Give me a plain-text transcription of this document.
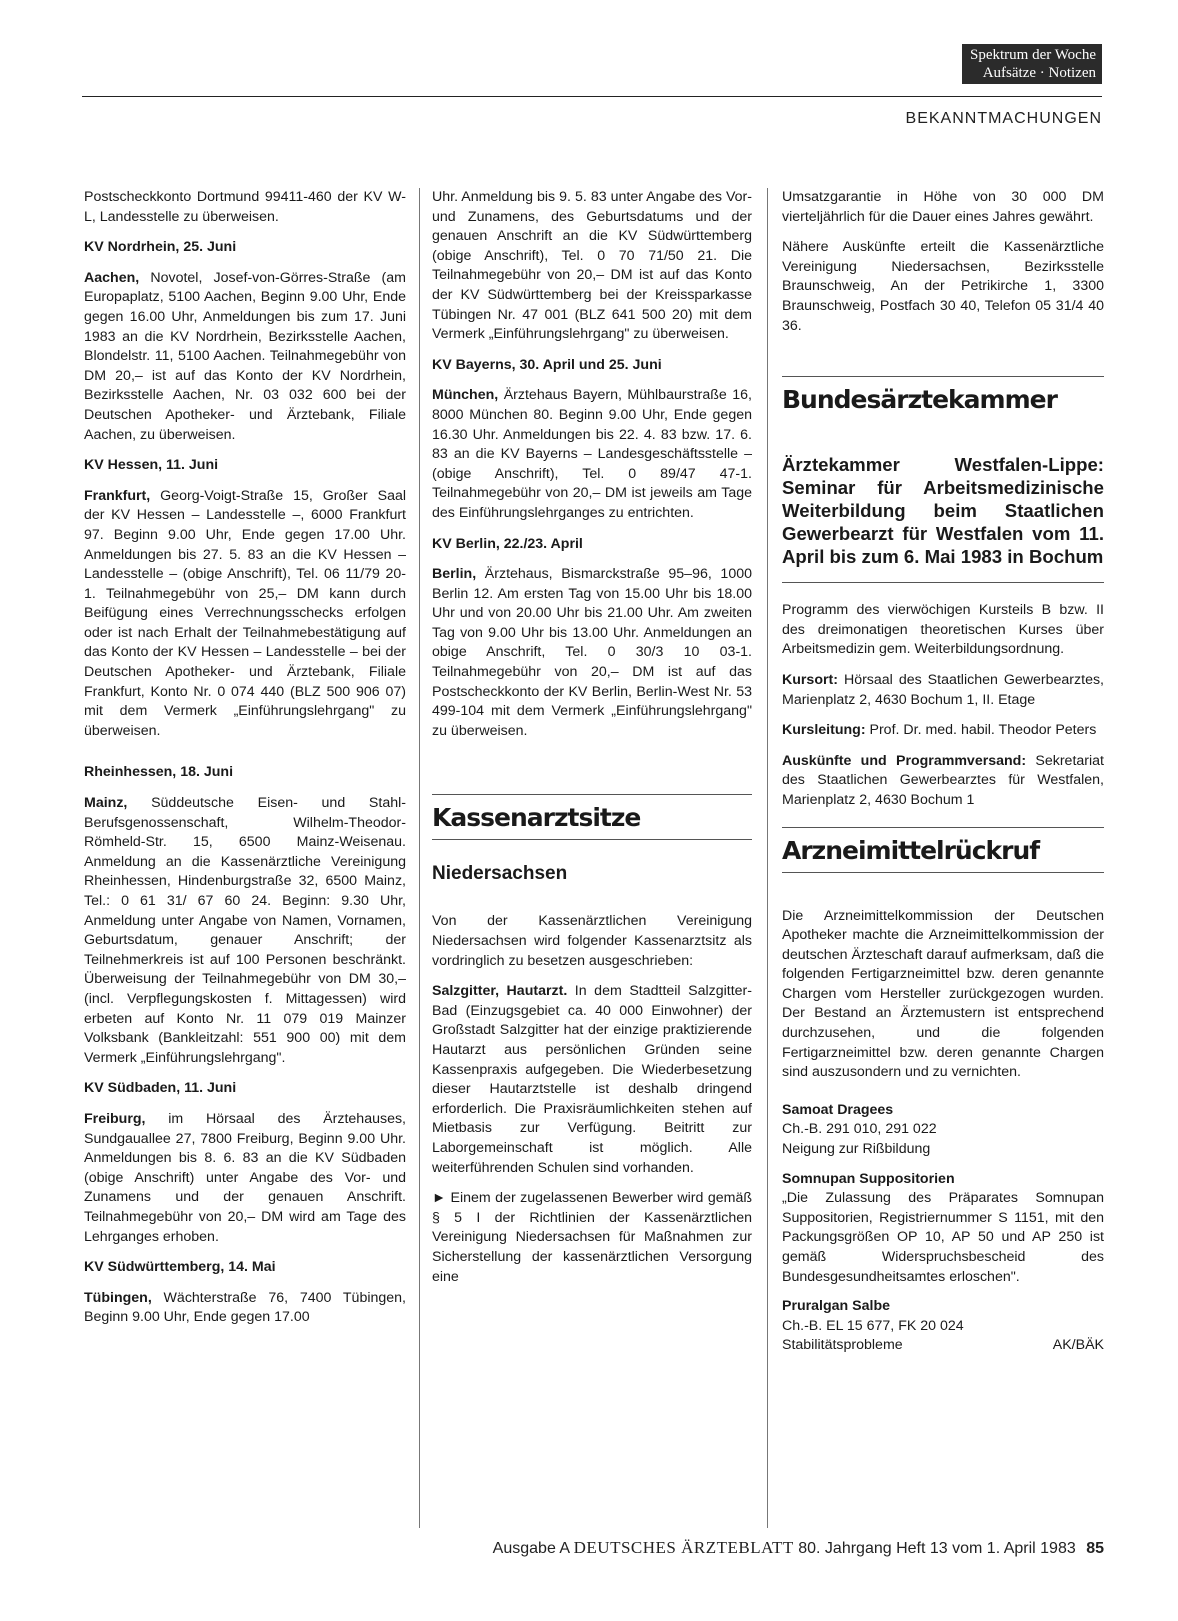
Spektrum der Woche
Aufsätze · Notizen
BEKANNTMACHUNGEN

Postscheckkonto Dortmund 99411-460 der KV W-L, Landesstelle zu überweisen.

KV Nordrhein, 25. Juni

Aachen, Novotel, Josef-von-Görres-Straße (am Europaplatz, 5100 Aachen, Beginn 9.00 Uhr, Ende gegen 16.00 Uhr, Anmeldungen bis zum 17. Juni 1983 an die KV Nordrhein, Bezirksstelle Aachen, Blondelstr. 11, 5100 Aachen. Teilnahmegebühr von DM 20,– ist auf das Konto der KV Nordrhein, Bezirksstelle Aachen, Nr. 03 032 600 bei der Deutschen Apotheker- und Ärztebank, Filiale Aachen, zu überweisen.

KV Hessen, 11. Juni

Frankfurt, Georg-Voigt-Straße 15, Großer Saal der KV Hessen – Landesstelle –, 6000 Frankfurt 97. Beginn 9.00 Uhr, Ende gegen 17.00 Uhr. Anmeldungen bis 27. 5. 83 an die KV Hessen – Landesstelle – (obige Anschrift), Tel. 06 11/79 20-1. Teilnahmegebühr von 25,– DM kann durch Beifügung eines Verrechnungsschecks erfolgen oder ist nach Erhalt der Teilnahmebestätigung auf das Konto der KV Hessen – Landesstelle – bei der Deutschen Apotheker- und Ärztebank, Filiale Frankfurt, Konto Nr. 0 074 440 (BLZ 500 906 07) mit dem Vermerk „Einführungslehrgang" zu überweisen.

Rheinhessen, 18. Juni

Mainz, Süddeutsche Eisen- und Stahl-Berufsgenossenschaft, Wilhelm-Theodor-Römheld-Str. 15, 6500 Mainz-Weisenau. Anmeldung an die Kassenärztliche Vereinigung Rheinhessen, Hindenburgstraße 32, 6500 Mainz, Tel.: 0 61 31/ 67 60 24. Beginn: 9.30 Uhr, Anmeldung unter Angabe von Namen, Vornamen, Geburtsdatum, genauer Anschrift; der Teilnehmerkreis ist auf 100 Personen beschränkt. Überweisung der Teilnahmegebühr von DM 30,– (incl. Verpflegungskosten f. Mittagessen) wird erbeten auf Konto Nr. 11 079 019 Mainzer Volksbank (Bankleitzahl: 551 900 00) mit dem Vermerk „Einführungslehrgang".

KV Südbaden, 11. Juni

Freiburg, im Hörsaal des Ärztehauses, Sundgauallee 27, 7800 Freiburg, Beginn 9.00 Uhr. Anmeldungen bis 8. 6. 83 an die KV Südbaden (obige Anschrift) unter Angabe des Vor- und Zunamens und der genauen Anschrift. Teilnahmegebühr von 20,– DM wird am Tage des Lehrganges erhoben.

KV Südwürttemberg, 14. Mai

Tübingen, Wächterstraße 76, 7400 Tübingen, Beginn 9.00 Uhr, Ende gegen 17.00

Uhr. Anmeldung bis 9. 5. 83 unter Angabe des Vor- und Zunamens, des Geburtsdatums und der genauen Anschrift an die KV Südwürttemberg (obige Anschrift), Tel. 0 70 71/50 21. Die Teilnahmegebühr von 20,– DM ist auf das Konto der KV Südwürttemberg bei der Kreissparkasse Tübingen Nr. 47 001 (BLZ 641 500 20) mit dem Vermerk „Einführungslehrgang" zu überweisen.

KV Bayerns, 30. April und 25. Juni

München, Ärztehaus Bayern, Mühlbaurstraße 16, 8000 München 80. Beginn 9.00 Uhr, Ende gegen 16.30 Uhr. Anmeldungen bis 22. 4. 83 bzw. 17. 6. 83 an die KV Bayerns – Landesgeschäftsstelle – (obige Anschrift), Tel. 0 89/47 47-1. Teilnahmegebühr von 20,– DM ist jeweils am Tage des Einführungslehrganges zu entrichten.

KV Berlin, 22./23. April

Berlin, Ärztehaus, Bismarckstraße 95–96, 1000 Berlin 12. Am ersten Tag von 15.00 Uhr bis 18.00 Uhr und von 20.00 Uhr bis 21.00 Uhr. Am zweiten Tag von 9.00 Uhr bis 13.00 Uhr. Anmeldungen an obige Anschrift, Tel. 0 30/3 10 03-1. Teilnahmegebühr von 20,– DM ist auf das Postscheckkonto der KV Berlin, Berlin-West Nr. 53 499-104 mit dem Vermerk „Einführungslehrgang" zu überweisen.

Kassenarztsitze
Niedersachsen

Von der Kassenärztlichen Vereinigung Niedersachsen wird folgender Kassenarztsitz als vordringlich zu besetzen ausgeschrieben:

Salzgitter, Hautarzt. In dem Stadtteil Salzgitter-Bad (Einzugsgebiet ca. 40 000 Einwohner) der Großstadt Salzgitter hat der einzige praktizierende Hautarzt aus persönlichen Gründen seine Kassenpraxis aufgegeben. Die Wiederbesetzung dieser Hautarztstelle ist deshalb dringend erforderlich. Die Praxisräumlichkeiten stehen auf Mietbasis zur Verfügung. Beitritt zur Laborgemeinschaft ist möglich. Alle weiterführenden Schulen sind vorhanden.

► Einem der zugelassenen Bewerber wird gemäß § 5 I der Richtlinien der Kassenärztlichen Vereinigung Niedersachsen für Maßnahmen zur Sicherstellung der kassenärztlichen Versorgung eine

Umsatzgarantie in Höhe von 30 000 DM vierteljährlich für die Dauer eines Jahres gewährt.

Nähere Auskünfte erteilt die Kassenärztliche Vereinigung Niedersachsen, Bezirksstelle Braunschweig, An der Petrikirche 1, 3300 Braunschweig, Postfach 30 40, Telefon 05 31/4 40 36.

Bundesärztekammer
Ärztekammer Westfalen-Lippe: Seminar für Arbeitsmedizinische Weiterbildung beim Staatlichen Gewerbearzt für Westfalen vom 11. April bis zum 6. Mai 1983 in Bochum

Programm des vierwöchigen Kursteils B bzw. II des dreimonatigen theoretischen Kurses über Arbeitsmedizin gem. Weiterbildungsordnung.

Kursort: Hörsaal des Staatlichen Gewerbearztes, Marienplatz 2, 4630 Bochum 1, II. Etage

Kursleitung: Prof. Dr. med. habil. Theodor Peters

Auskünfte und Programmversand: Sekretariat des Staatlichen Gewerbearztes für Westfalen, Marienplatz 2, 4630 Bochum 1

Arzneimittelrückruf

Die Arzneimittelkommission der Deutschen Apotheker machte die Arzneimittelkommission der deutschen Ärzteschaft darauf aufmerksam, daß die folgenden Fertigarzneimittel bzw. deren genannte Chargen vom Hersteller zurückgezogen wurden. Der Bestand an Ärztemustern ist entsprechend durchzusehen, und die folgenden Fertigarzneimittel bzw. deren genannte Chargen sind auszusondern und zu vernichten.

Samoat Dragees

Ch.-B. 291 010, 291 022

Neigung zur Rißbildung

Somnupan Suppositorien

„Die Zulassung des Präparates Somnupan Suppositorien, Registriernummer S 1151, mit den Packungsgrößen OP 10, AP 50 und AP 250 ist gemäß Widerspruchsbescheid des Bundesgesundheitsamtes erloschen".

Pruralgan Salbe

Ch.-B. EL 15 677, FK 20 024

Stabilitätsprobleme	AK/BÄK

Ausgabe A DEUTSCHES ÄRZTEBLATT 80. Jahrgang Heft 13 vom 1. April 1983 85
